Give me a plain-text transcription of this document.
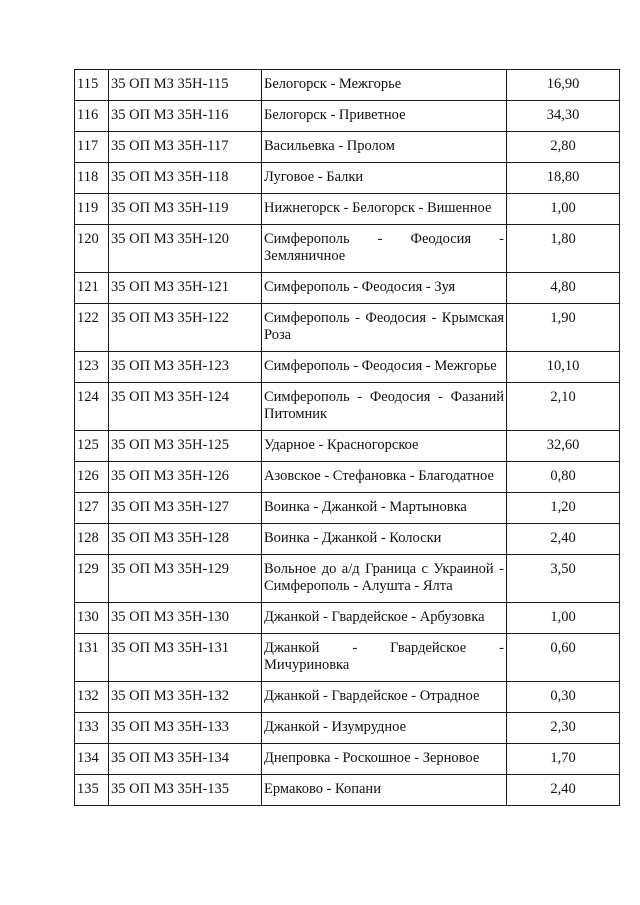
115	35 ОП МЗ 35Н-115	Белогорск - Межгорье	16,90
116	35 ОП МЗ 35Н-116	Белогорск - Приветное	34,30
117	35 ОП МЗ 35Н-117	Васильевка - Пролом	2,80
118	35 ОП МЗ 35Н-118	Луговое - Балки	18,80
119	35 ОП МЗ 35Н-119	Нижнегорск - Белогорск - Вишенное	1,00
120	35 ОП МЗ 35Н-120	Симферополь - Феодосия - Земляничное	1,80
121	35 ОП МЗ 35Н-121	Симферополь - Феодосия - Зуя	4,80
122	35 ОП МЗ 35Н-122	Симферополь - Феодосия - Крымская Роза	1,90
123	35 ОП МЗ 35Н-123	Симферополь - Феодосия - Межгорье	10,10
124	35 ОП МЗ 35Н-124	Симферополь - Феодосия - Фазаний Питомник	2,10
125	35 ОП МЗ 35Н-125	Ударное - Красногорское	32,60
126	35 ОП МЗ 35Н-126	Азовское - Стефановка - Благодатное	0,80
127	35 ОП МЗ 35Н-127	Воинка - Джанкой - Мартыновка	1,20
128	35 ОП МЗ 35Н-128	Воинка - Джанкой - Колоски	2,40
129	35 ОП МЗ 35Н-129	Вольное до а/д Граница с Украиной - Симферополь - Алушта - Ялта	3,50
130	35 ОП МЗ 35Н-130	Джанкой - Гвардейское - Арбузовка	1,00
131	35 ОП МЗ 35Н-131	Джанкой - Гвардейское - Мичуриновка	0,60
132	35 ОП МЗ 35Н-132	Джанкой - Гвардейское - Отрадное	0,30
133	35 ОП МЗ 35Н-133	Джанкой - Изумрудное	2,30
134	35 ОП МЗ 35Н-134	Днепровка - Роскошное - Зерновое	1,70
135	35 ОП МЗ 35Н-135	Ермаково - Копани	2,40
